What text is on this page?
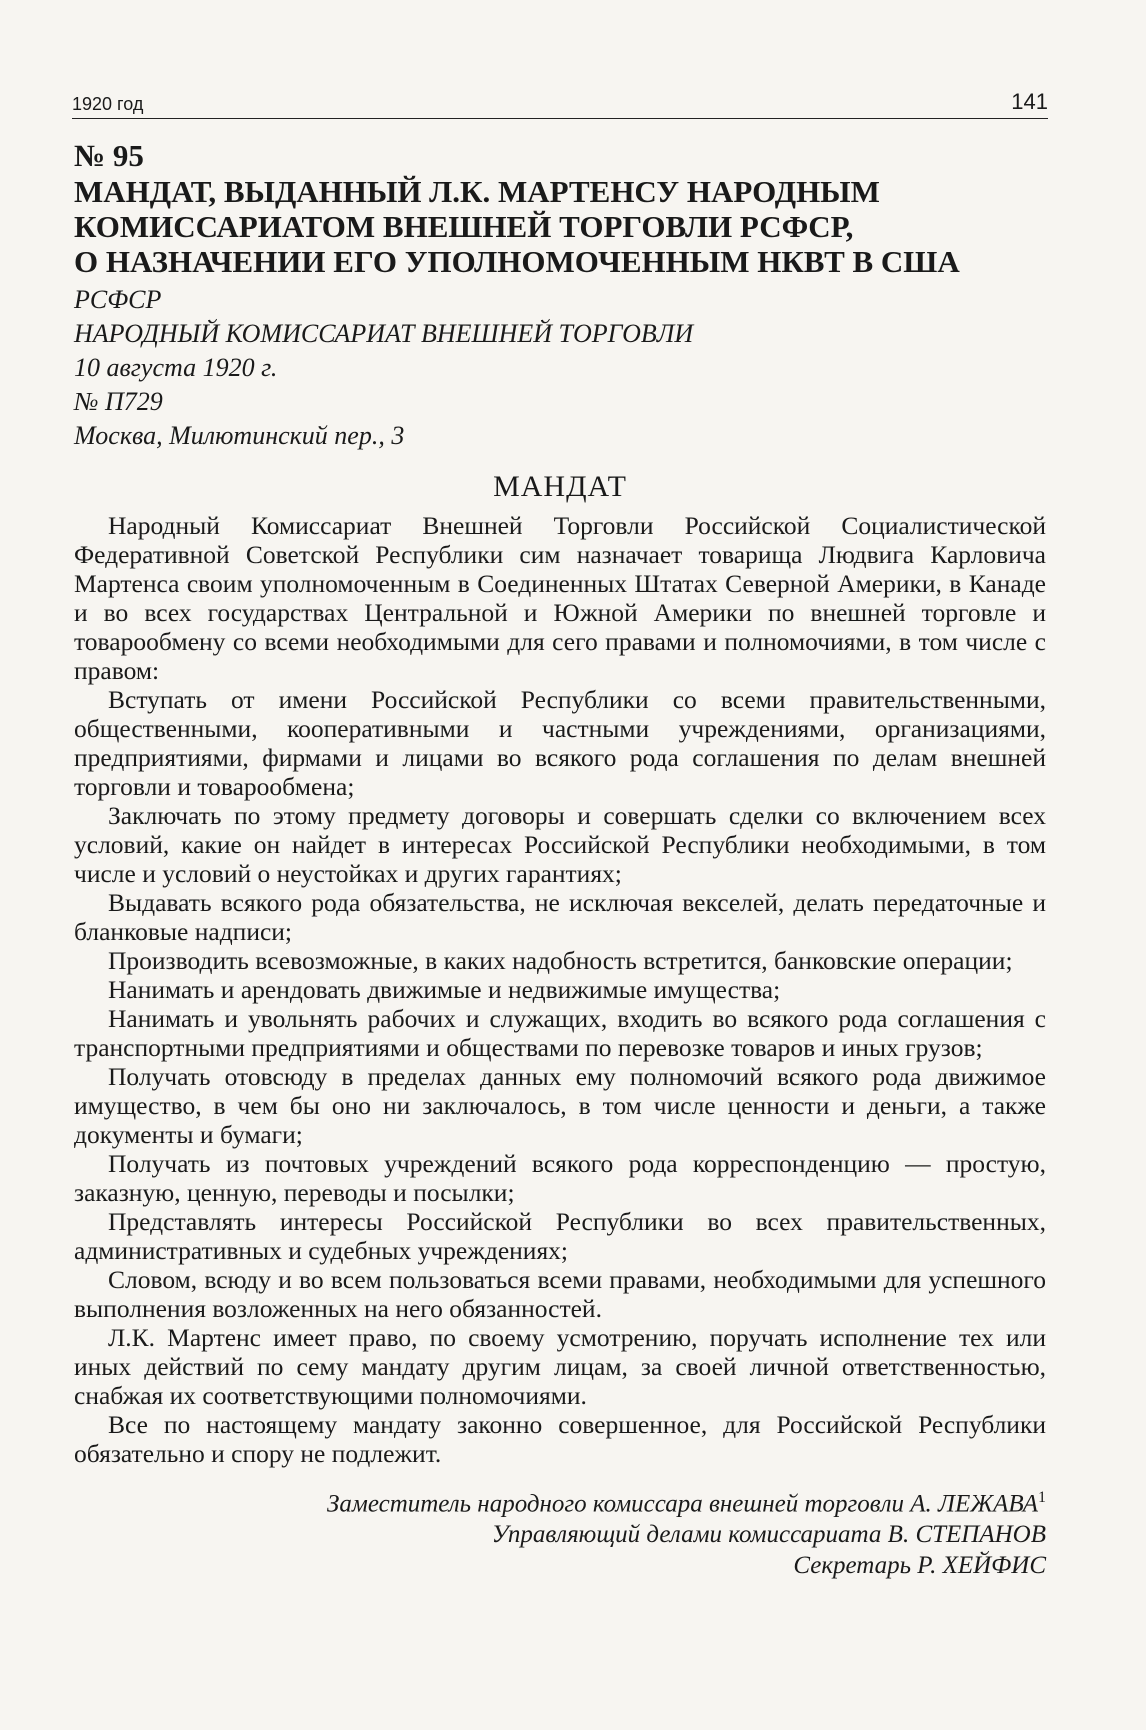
1920 год	141
№ 95
МАНДАТ, ВЫДАННЫЙ Л.К. МАРТЕНСУ НАРОДНЫМ
КОМИССАРИАТОМ ВНЕШНЕЙ ТОРГОВЛИ РСФСР,
О НАЗНАЧЕНИИ ЕГО УПОЛНОМОЧЕННЫМ НКВТ В США
РСФСР
НАРОДНЫЙ КОМИССАРИАТ ВНЕШНЕЙ ТОРГОВЛИ
10 августа 1920 г.
№ П729
Москва, Милютинский пер., 3
МАНДАТ

Народный Комиссариат Внешней Торговли Российской Социалистической Федеративной Советской Республики сим назначает товарища Людвига Карловича Мартенса своим уполномоченным в Соединенных Штатах Северной Америки, в Канаде и во всех государствах Центральной и Южной Америки по внешней торговле и товарообмену со всеми необходимыми для сего правами и полномочиями, в том числе с правом:

Вступать от имени Российской Республики со всеми правительственными, общественными, кооперативными и частными учреждениями, организациями, предприятиями, фирмами и лицами во всякого рода соглашения по делам внешней торговли и товарообмена;

Заключать по этому предмету договоры и совершать сделки со включением всех условий, какие он найдет в интересах Российской Республики необходимыми, в том числе и условий о неустойках и других гарантиях;

Выдавать всякого рода обязательства, не исключая векселей, делать передаточные и бланковые надписи;

Производить всевозможные, в каких надобность встретится, банковские операции;

Нанимать и арендовать движимые и недвижимые имущества;

Нанимать и увольнять рабочих и служащих, входить во всякого рода соглашения с транспортными предприятиями и обществами по перевозке товаров и иных грузов;

Получать отовсюду в пределах данных ему полномочий всякого рода движимое имущество, в чем бы оно ни заключалось, в том числе ценности и деньги, а также документы и бумаги;

Получать из почтовых учреждений всякого рода корреспонденцию — простую, заказную, ценную, переводы и посылки;

Представлять интересы Российской Республики во всех правительственных, административных и судебных учреждениях;

Словом, всюду и во всем пользоваться всеми правами, необходимыми для успешного выполнения возложенных на него обязанностей.

Л.К. Мартенс имеет право, по своему усмотрению, поручать исполнение тех или иных действий по сему мандату другим лицам, за своей личной ответственностью, снабжая их соответствующими полномочиями.

Все по настоящему мандату законно совершенное, для Российской Республики обязательно и спору не подлежит.

Заместитель народного комиссара внешней торговли А. ЛЕЖАВА$^1$
Управляющий делами комиссариата В. СТЕПАНОВ
Секретарь Р. ХЕЙФИС
